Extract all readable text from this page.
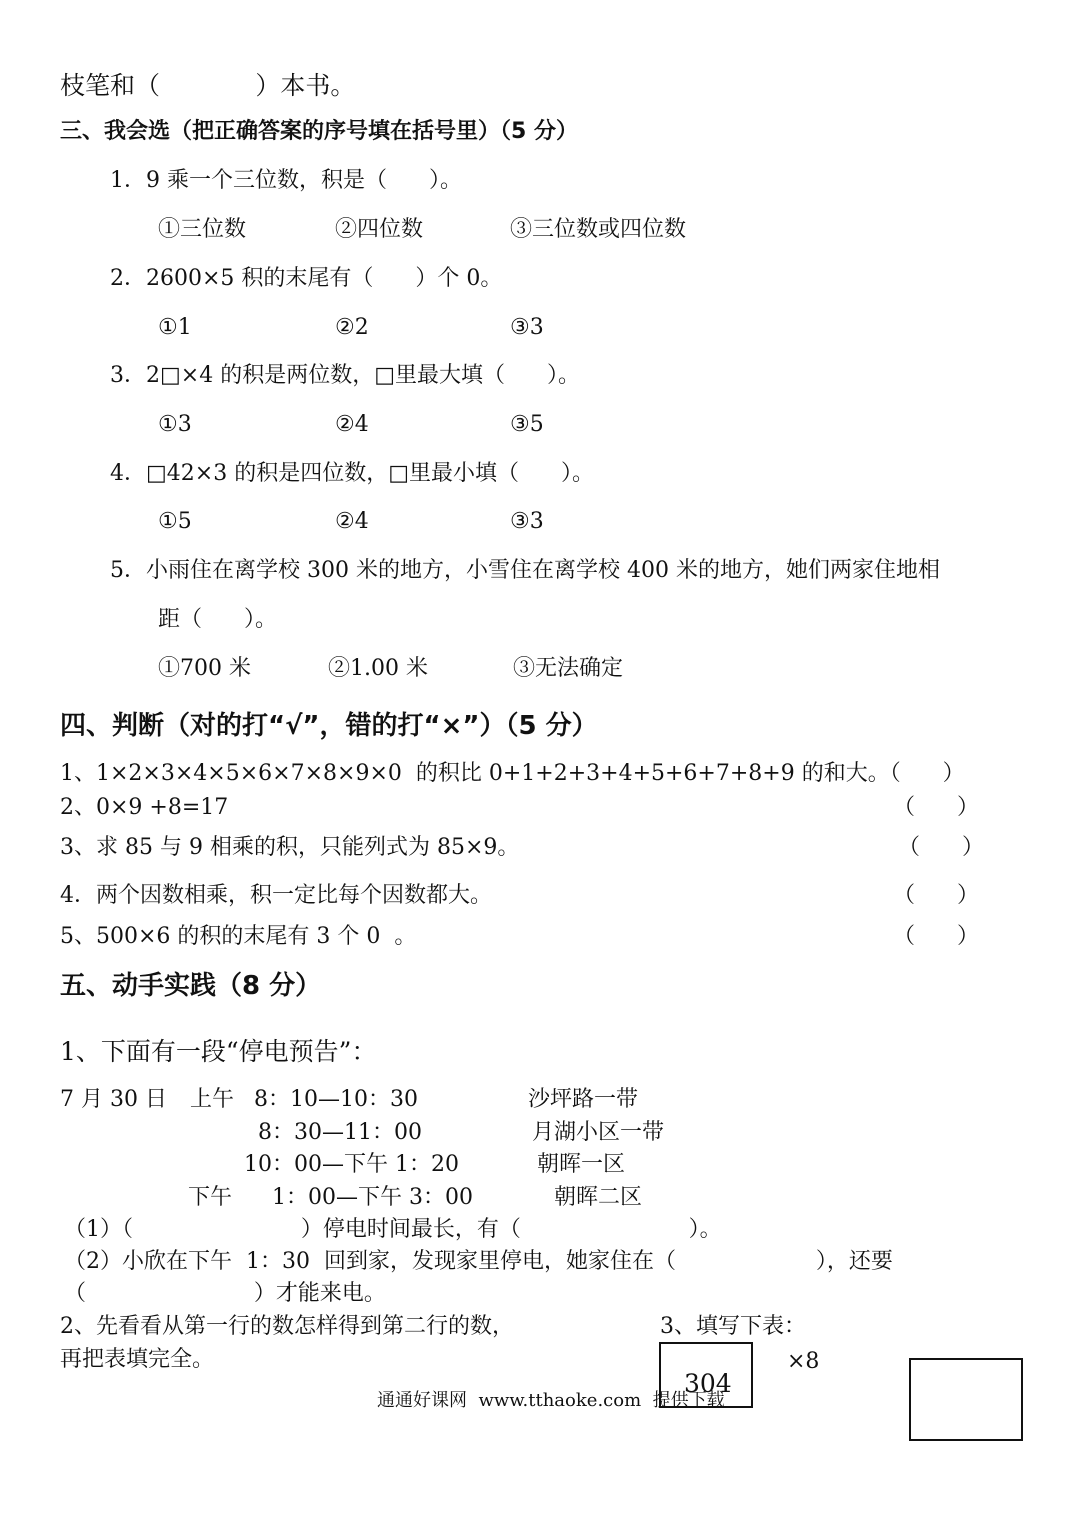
枝笔和（            ）本书。
三、我会选（把正确答案的序号填在括号里）（5 分）
1．9 乘一个三位数，积是（      ）。
①三位数	②四位数	③三位数或四位数
2．2600×5 积的末尾有（      ）个 0。
①1	②2	③3
3．2□×4 的积是两位数，□里最大填（      ）。
①3	②4	③5
4．□42×3 的积是四位数，□里最小填（      ）。
①5	②4	③3
5．小雨住在离学校 300 米的地方，小雪住在离学校 400 米的地方，她们两家住地相
距（      ）。
①700 米	②1.00 米	③无法确定
四、判断（对的打“√”，错的打“×”）（5 分）
1、1×2×3×4×5×6×7×8×9×0  的积比 0+1+2+3+4+5+6+7+8+9 的和大。（      ）
2、0×9 +8=17	（      ）
3、求 85 与 9 相乘的积，只能列式为 85×9。	（      ）
4．两个因数相乘，积一定比每个因数都大。	（      ）
5、500×6 的积的末尾有 3 个 0  。	（      ）
五、动手实践（8 分）
1、下面有一段“停电预告”：
7 月 30 日 上午 8：10—10：30	沙坪路一带
8：30—11：00	月湖小区一带
10：00—下午 1：20	朝晖一区
下午 1：00—下午 3：00	朝晖二区
（1）（                        ）停电时间最长，有（                        ）。
（2）小欣在下午  1：30  回到家，发现家里停电，她家住在（                    ），还要
（                        ）才能来电。
2、先看看从第一行的数怎样得到第二行的数，
再把表填完全。
3、填写下表：
304
×8
通通好课网  www.tthaoke.com  提供下载
